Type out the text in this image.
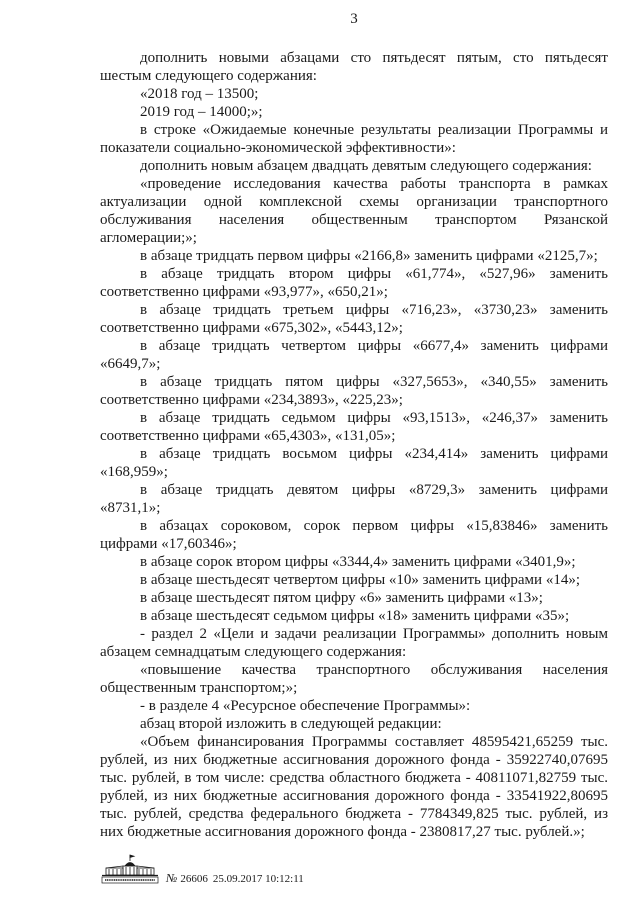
3
дополнить новыми абзацами сто пятьдесят пятым, сто пятьдесят
шестым следующего содержания:
«2018 год – 13500;
2019 год – 14000;»;
в строке «Ожидаемые конечные результаты реализации Программы и
показатели социально-экономической эффективности»:
дополнить новым абзацем двадцать девятым следующего содержания:
«проведение исследования качества работы транспорта в рамках
актуализации одной комплексной схемы организации транспортного
обслуживания населения общественным транспортом Рязанской
агломерации;»;
в абзаце тридцать первом цифры «2166,8» заменить цифрами «2125,7»;
в абзаце тридцать втором цифры «61,774», «527,96» заменить
соответственно цифрами «93,977», «650,21»;
в абзаце тридцать третьем цифры «716,23», «3730,23» заменить
соответственно цифрами «675,302», «5443,12»;
в абзаце тридцать четвертом цифры «6677,4» заменить цифрами
«6649,7»;
в абзаце тридцать пятом цифры «327,5653», «340,55» заменить
соответственно цифрами «234,3893», «225,23»;
в абзаце тридцать седьмом цифры «93,1513», «246,37» заменить
соответственно цифрами «65,4303», «131,05»;
в абзаце тридцать восьмом цифры «234,414» заменить цифрами
«168,959»;
в абзаце тридцать девятом цифры «8729,3» заменить цифрами
«8731,1»;
в абзацах сороковом, сорок первом цифры «15,83846» заменить
цифрами «17,60346»;
в абзаце сорок втором цифры «3344,4» заменить цифрами «3401,9»;
в абзаце шестьдесят четвертом цифры «10» заменить цифрами «14»;
в абзаце шестьдесят пятом цифру «6» заменить цифрами «13»;
в абзаце шестьдесят седьмом цифры «18» заменить цифрами «35»;
- раздел 2 «Цели и задачи реализации Программы» дополнить новым
абзацем семнадцатым следующего содержания:
«повышение качества транспортного обслуживания населения
общественным транспортом;»;
- в разделе 4 «Ресурсное обеспечение Программы»:
абзац второй изложить в следующей редакции:
«Объем финансирования Программы составляет 48595421,65259 тыс.
рублей, из них бюджетные ассигнования дорожного фонда - 35922740,07695
тыс. рублей, в том числе: средства областного бюджета - 40811071,82759 тыс.
рублей, из них бюджетные ассигнования дорожного фонда - 33541922,80695
тыс. рублей, средства федерального бюджета - 7784349,825 тыс. рублей, из
них бюджетные ассигнования дорожного фонда - 2380817,27 тыс. рублей.»;
№ 26606 25.09.2017 10:12:11
